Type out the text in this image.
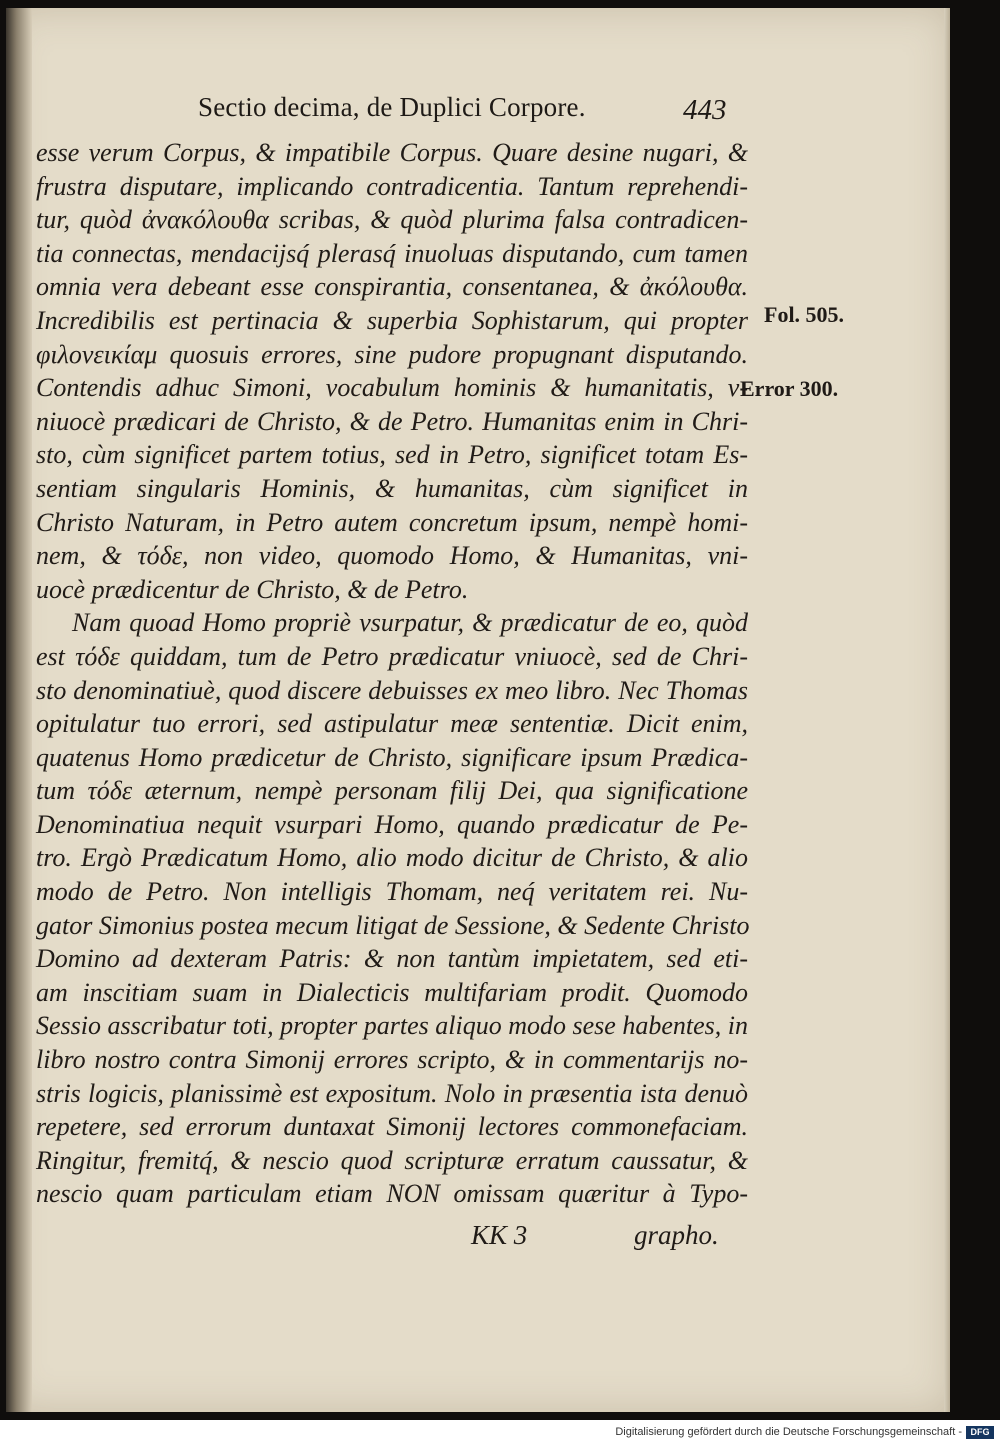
Sectio decima, de Duplici Corpore.	443
esse verum Corpus, & impatibile Corpus. Quare desine nugari, &
frustra disputare, implicando contradicentia. Tantum reprehendi-
tur, quòd ἀνακόλουθα scribas, & quòd plurima falsa contradicen-
tia connectas, mendacijsq́ plerasq́ inuoluas disputando, cum tamen
omnia vera debeant esse conspirantia, consentanea, & ἀκόλουθα.
Incredibilis est pertinacia & superbia Sophistarum, qui propter
φιλονεικίαμ quosuis errores, sine pudore propugnant disputando.
Contendis adhuc Simoni, vocabulum hominis & humanitatis, v-
niuocè prædicari de Christo, & de Petro. Humanitas enim in Chri-
sto, cùm significet partem totius, sed in Petro, significet totam Es-
sentiam singularis Hominis, & humanitas, cùm significet in
Christo Naturam, in Petro autem concretum ipsum, nempè homi-
nem, & τόδε, non video, quomodo Homo, & Humanitas, vni-
uocè prædicentur de Christo, & de Petro.
Nam quoad Homo propriè vsurpatur, & prædicatur de eo, quòd
est τόδε quiddam, tum de Petro prædicatur vniuocè, sed de Chri-
sto denominatiuè, quod discere debuisses ex meo libro. Nec Thomas
opitulatur tuo errori, sed astipulatur meæ sententiæ. Dicit enim,
quatenus Homo prædicetur de Christo, significare ipsum Prædica-
tum τόδε æternum, nempè personam filij Dei, qua significatione
Denominatiua nequit vsurpari Homo, quando prædicatur de Pe-
tro. Ergò Prædicatum Homo, alio modo dicitur de Christo, & alio
modo de Petro. Non intelligis Thomam, neq́ veritatem rei. Nu-
gator Simonius postea mecum litigat de Sessione, & Sedente Christo
Domino ad dexteram Patris: & non tantùm impietatem, sed eti-
am inscitiam suam in Dialecticis multifariam prodit. Quomodo
Sessio asscribatur toti, propter partes aliquo modo sese habentes, in
libro nostro contra Simonij errores scripto, & in commentarijs no-
stris logicis, planissimè est expositum. Nolo in præsentia ista denuò
repetere, sed errorum duntaxat Simonij lectores commonefaciam.
Ringitur, fremitq́, & nescio quod scripturæ erratum caussatur, &
nescio quam particulam etiam NON omissam quæritur à Typo-
Fol. 505.
Error 300.
KK 3	grapho.
Digitalisierung gefördert durch die Deutsche Forschungsgemeinschaft - DFG
